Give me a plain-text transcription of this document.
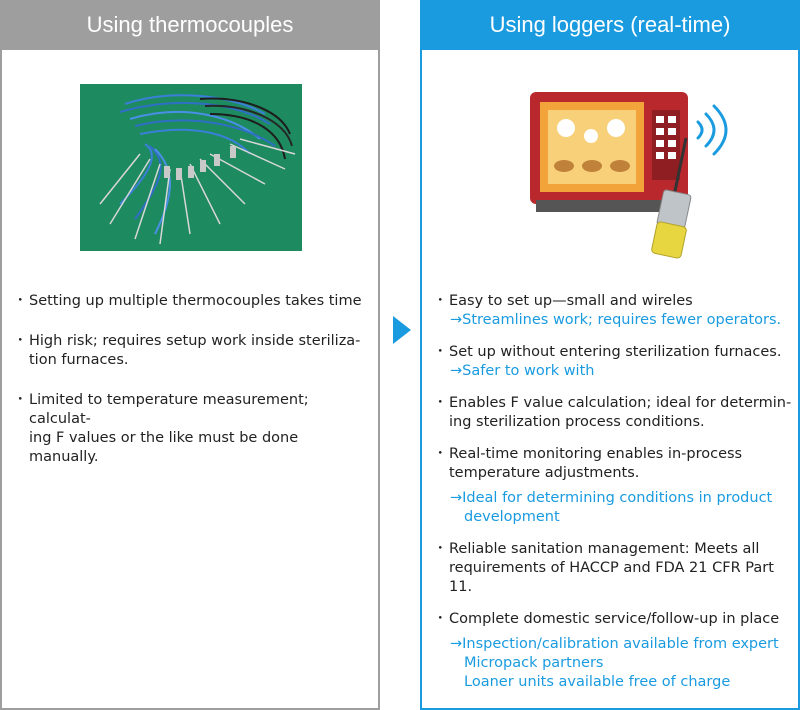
Using thermocouples
・ Setting up multiple thermocouples takes time
・ High risk; requires setup work inside steriliza-
tion furnaces.
・ Limited to temperature measurement; calculat-
ing F values or the like must be done manually.
Using loggers (real-time)
・ Easy to set up—small and wireles
→Streamlines work; requires fewer operators.
・ Set up without entering sterilization furnaces.
→Safer to work with
・ Enables F value calculation; ideal for determin-
ing sterilization process conditions.
・ Real-time monitoring enables in-process
temperature adjustments.
→Ideal for determining conditions in product
development
・ Reliable sanitation management: Meets all
requirements of HACCP and FDA 21 CFR Part 11.
・ Complete domestic service/follow-up in place
→Inspection/calibration available from expert
Micropack partners
Loaner units available free of charge
